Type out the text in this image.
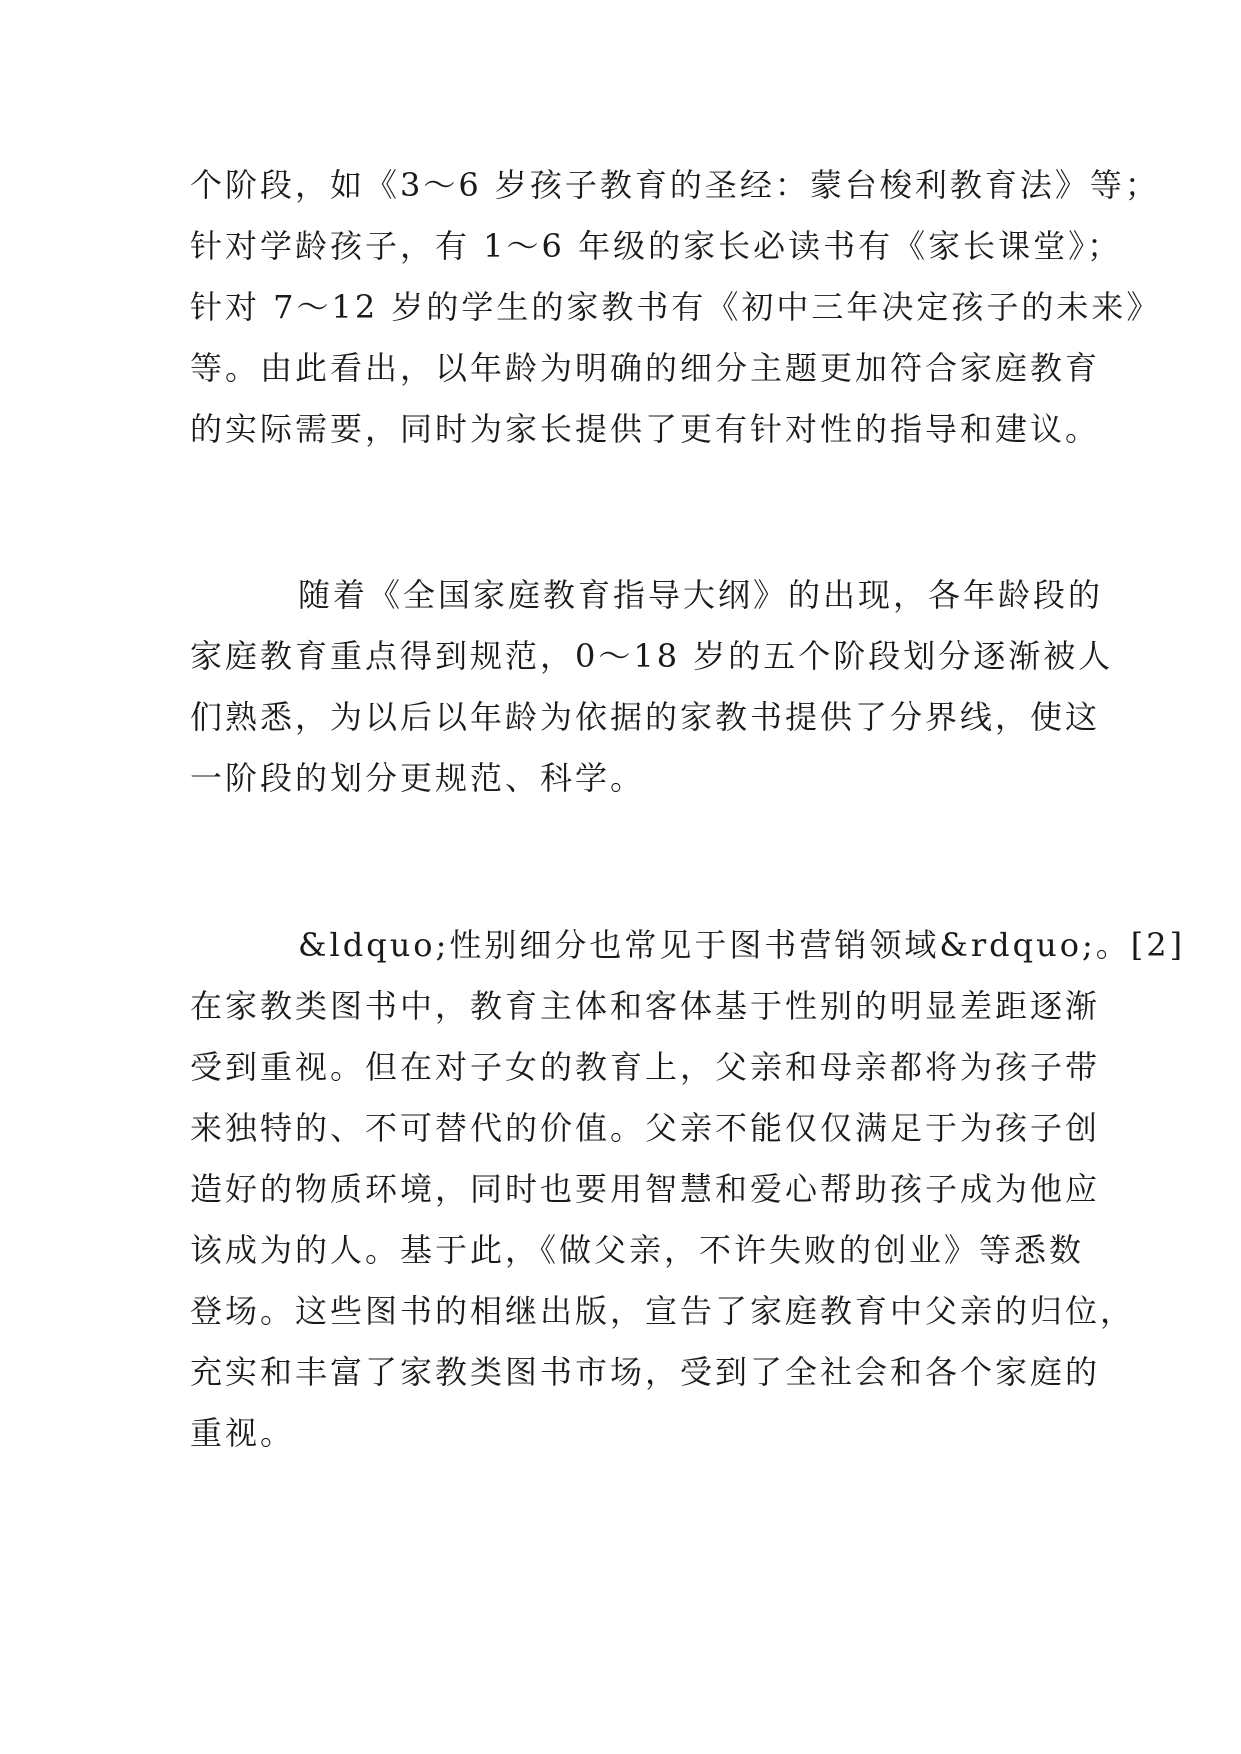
个阶段，如《3～6 岁孩子教育的圣经：蒙台梭利教育法》等；
针对学龄孩子，有 1～6 年级的家长必读书有《家长课堂》；
针对 7～12 岁的学生的家教书有《初中三年决定孩子的未来》
等。由此看出，以年龄为明确的细分主题更加符合家庭教育
的实际需要，同时为家长提供了更有针对性的指导和建议。
随着《全国家庭教育指导大纲》的出现，各年龄段的
家庭教育重点得到规范，0～18 岁的五个阶段划分逐渐被人
们熟悉，为以后以年龄为依据的家教书提供了分界线，使这
一阶段的划分更规范、科学。
&ldquo;性别细分也常见于图书营销领域&rdquo;。[2]
在家教类图书中，教育主体和客体基于性别的明显差距逐渐
受到重视。但在对子女的教育上，父亲和母亲都将为孩子带
来独特的、不可替代的价值。父亲不能仅仅满足于为孩子创
造好的物质环境，同时也要用智慧和爱心帮助孩子成为他应
该成为的人。基于此，《做父亲，不许失败的创业》等悉数
登场。这些图书的相继出版，宣告了家庭教育中父亲的归位，
充实和丰富了家教类图书市场，受到了全社会和各个家庭的
重视。
